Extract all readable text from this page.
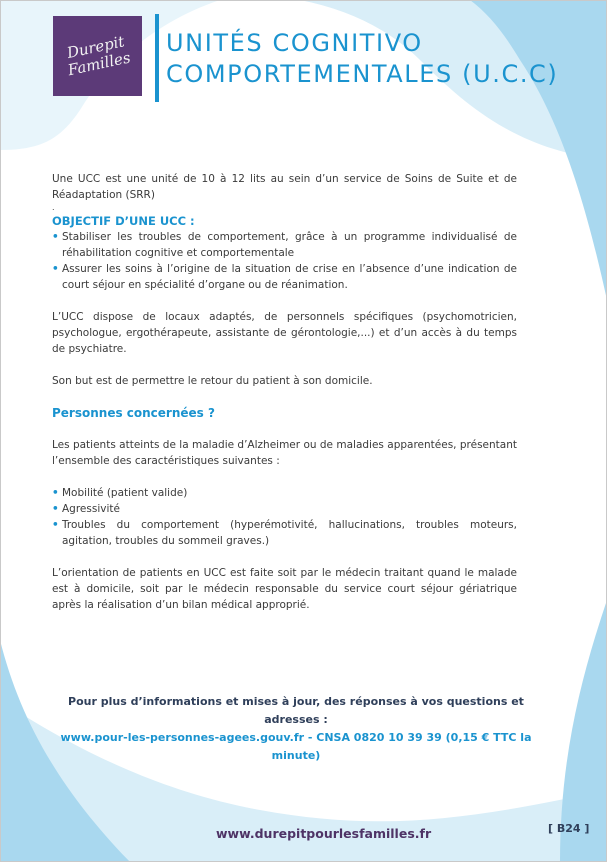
Durepit Familles
UNITÉS COGNITIVO
COMPORTEMENTALES (U.C.C)

Une UCC est une unité de 10 à 12 lits au sein d’un service de Soins de Suite et de Réadaptation (SRR)

.

OBJECTIF D’UNE UCC :

• Stabiliser les troubles de comportement, grâce à un programme individualisé de réhabilitation cognitive et comportementale
• Assurer les soins à l’origine de la situation de crise en l’absence d’une indication de court séjour en spécialité d’organe ou de réanimation.

L’UCC dispose de locaux adaptés, de personnels spécifiques (psychomotricien, psychologue, ergothérapeute, assistante de gérontologie,...) et d’un accès à du temps de psychiatre.

Son but est de permettre le retour du patient à son domicile.

Personnes concernées ?

Les patients atteints de la maladie d’Alzheimer ou de maladies apparentées, présentant l’ensemble des caractéristiques suivantes :

• Mobilité (patient valide)
• Agressivité
• Troubles du comportement (hyperémotivité, hallucinations, troubles moteurs, agitation, troubles du sommeil graves.)

L’orientation de patients en UCC est faite soit par le médecin traitant quand le malade est à domicile, soit par le médecin responsable du service court séjour gériatrique après la réalisation d’un bilan médical approprié.

Pour plus d’informations et mises à jour, des réponses à vos questions et adresses :
www.pour-les-personnes-agees.gouv.fr - CNSA 0820 10 39 39 (0,15 € TTC la minute)
www.durepitpourlesfamilles.fr	[ B24 ]
